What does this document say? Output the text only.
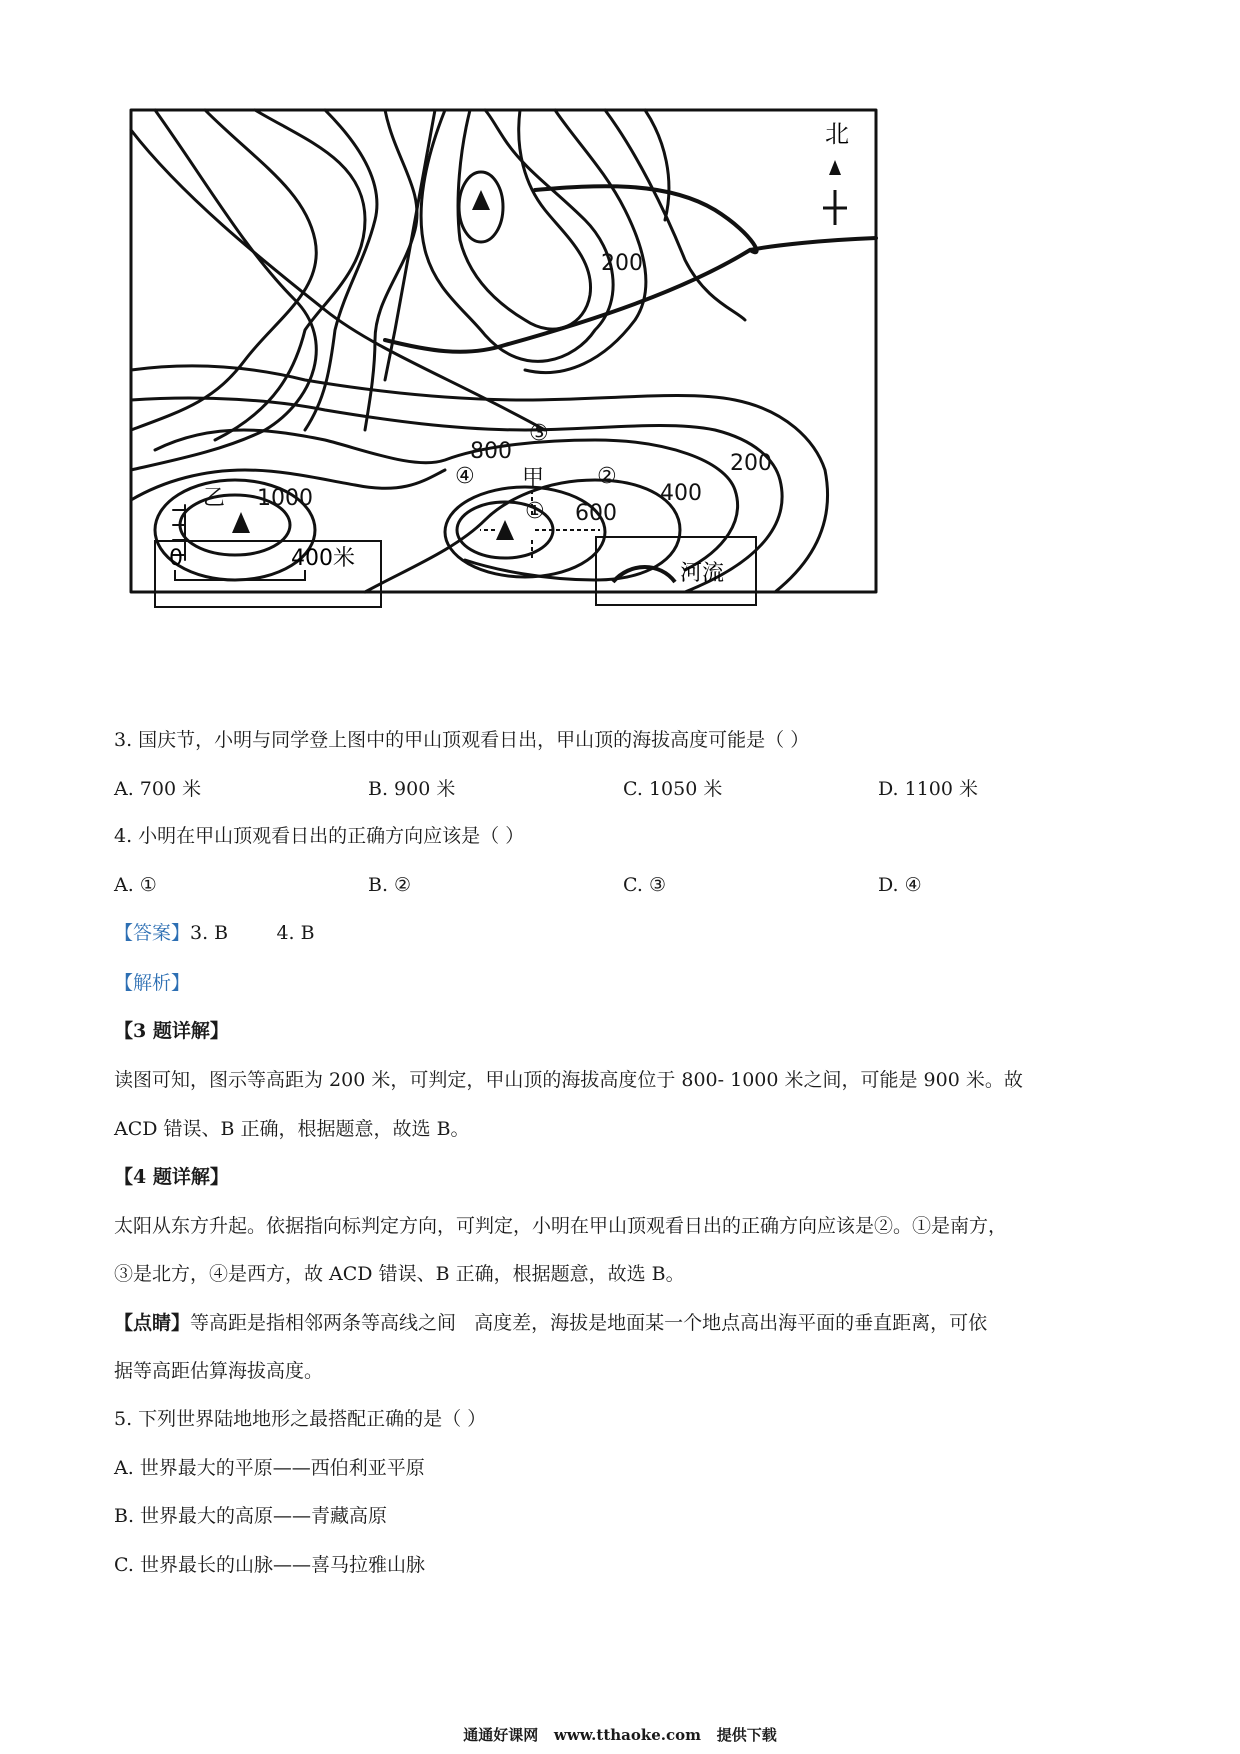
北
200
200
400
600
800
1000
甲
乙
③
②
④
①
0	400米
河流
3. 国庆节，小明与同学登上图中的甲山顶观看日出，甲山顶的海拔高度可能是（ ）
A. 700 米	B. 900 米	C. 1050 米	D. 1100 米
4. 小明在甲山顶观看日出的正确方向应该是（ ）
A. ①	B. ②	C. ③	D. ④
【答案】3. B        4. B
【解析】
【3 题详解】
读图可知，图示等高距为 200 米，可判定，甲山顶的海拔高度位于 800- 1000 米之间，可能是 900 米。故
ACD 错误、B 正确，根据题意，故选 B。
【4 题详解】
太阳从东方升起。依据指向标判定方向，可判定，小明在甲山顶观看日出的正确方向应该是②。①是南方，
③是北方，④是西方，故 ACD 错误、B 正确，根据题意，故选 B。
【点睛】等高距是指相邻两条等高线之间   高度差，海拔是地面某一个地点高出海平面的垂直距离，可依
据等高距估算海拔高度。
5. 下列世界陆地地形之最搭配正确的是（ ）
A. 世界最大的平原——西伯利亚平原
B. 世界最大的高原——青藏高原
C. 世界最长的山脉——喜马拉雅山脉
通通好课网   www.tthaoke.com   提供下载
